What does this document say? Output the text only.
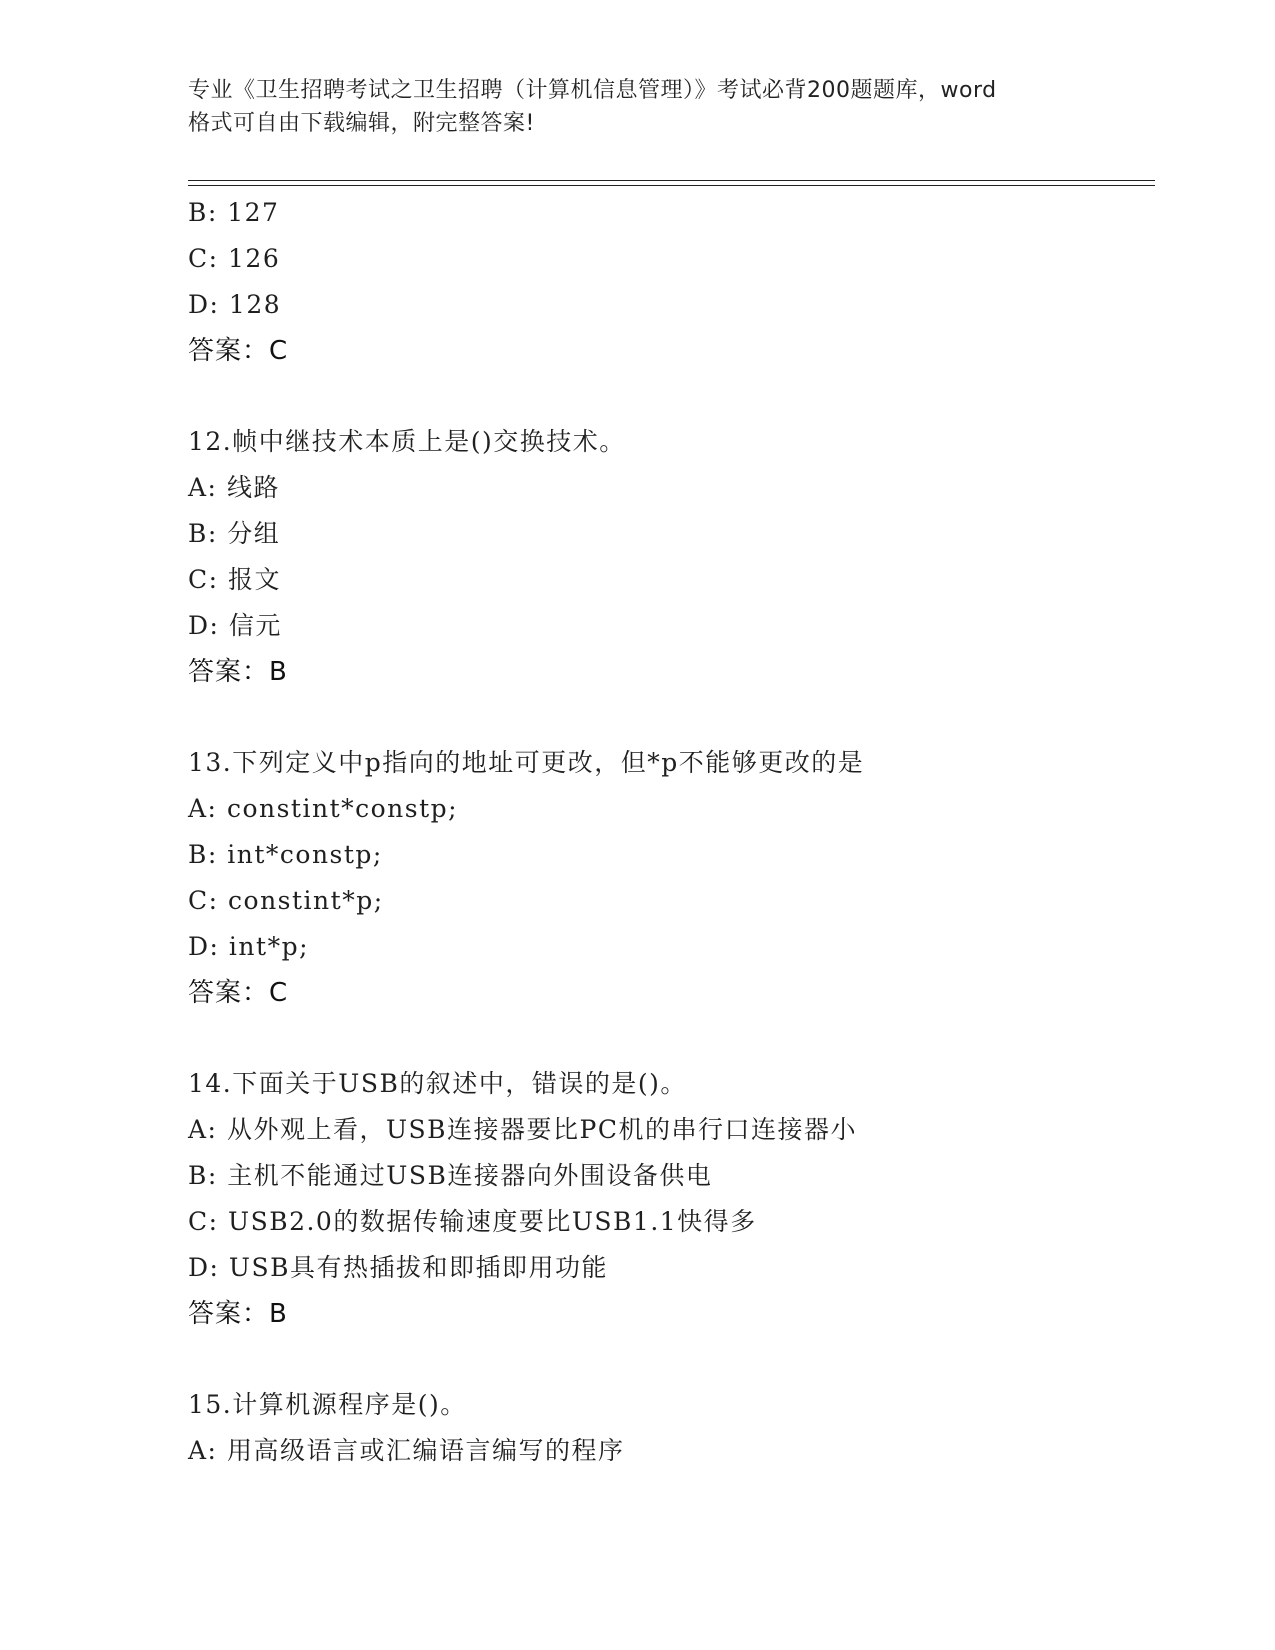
专业《卫生招聘考试之卫生招聘（计算机信息管理）》考试必背200题题库，word
格式可自由下载编辑，附完整答案!
B: 127
C: 126
D: 128
答案：C
12.帧中继技术本质上是()交换技术。
A: 线路
B: 分组
C: 报文
D: 信元
答案：B
13.下列定义中p指向的地址可更改，但*p不能够更改的是
A: constint*constp;
B: int*constp;
C: constint*p;
D: int*p;
答案：C
14.下面关于USB的叙述中，错误的是()。
A: 从外观上看，USB连接器要比PC机的串行口连接器小
B: 主机不能通过USB连接器向外围设备供电
C: USB2.0的数据传输速度要比USB1.1快得多
D: USB具有热插拔和即插即用功能
答案：B
15.计算机源程序是()。
A: 用高级语言或汇编语言编写的程序
